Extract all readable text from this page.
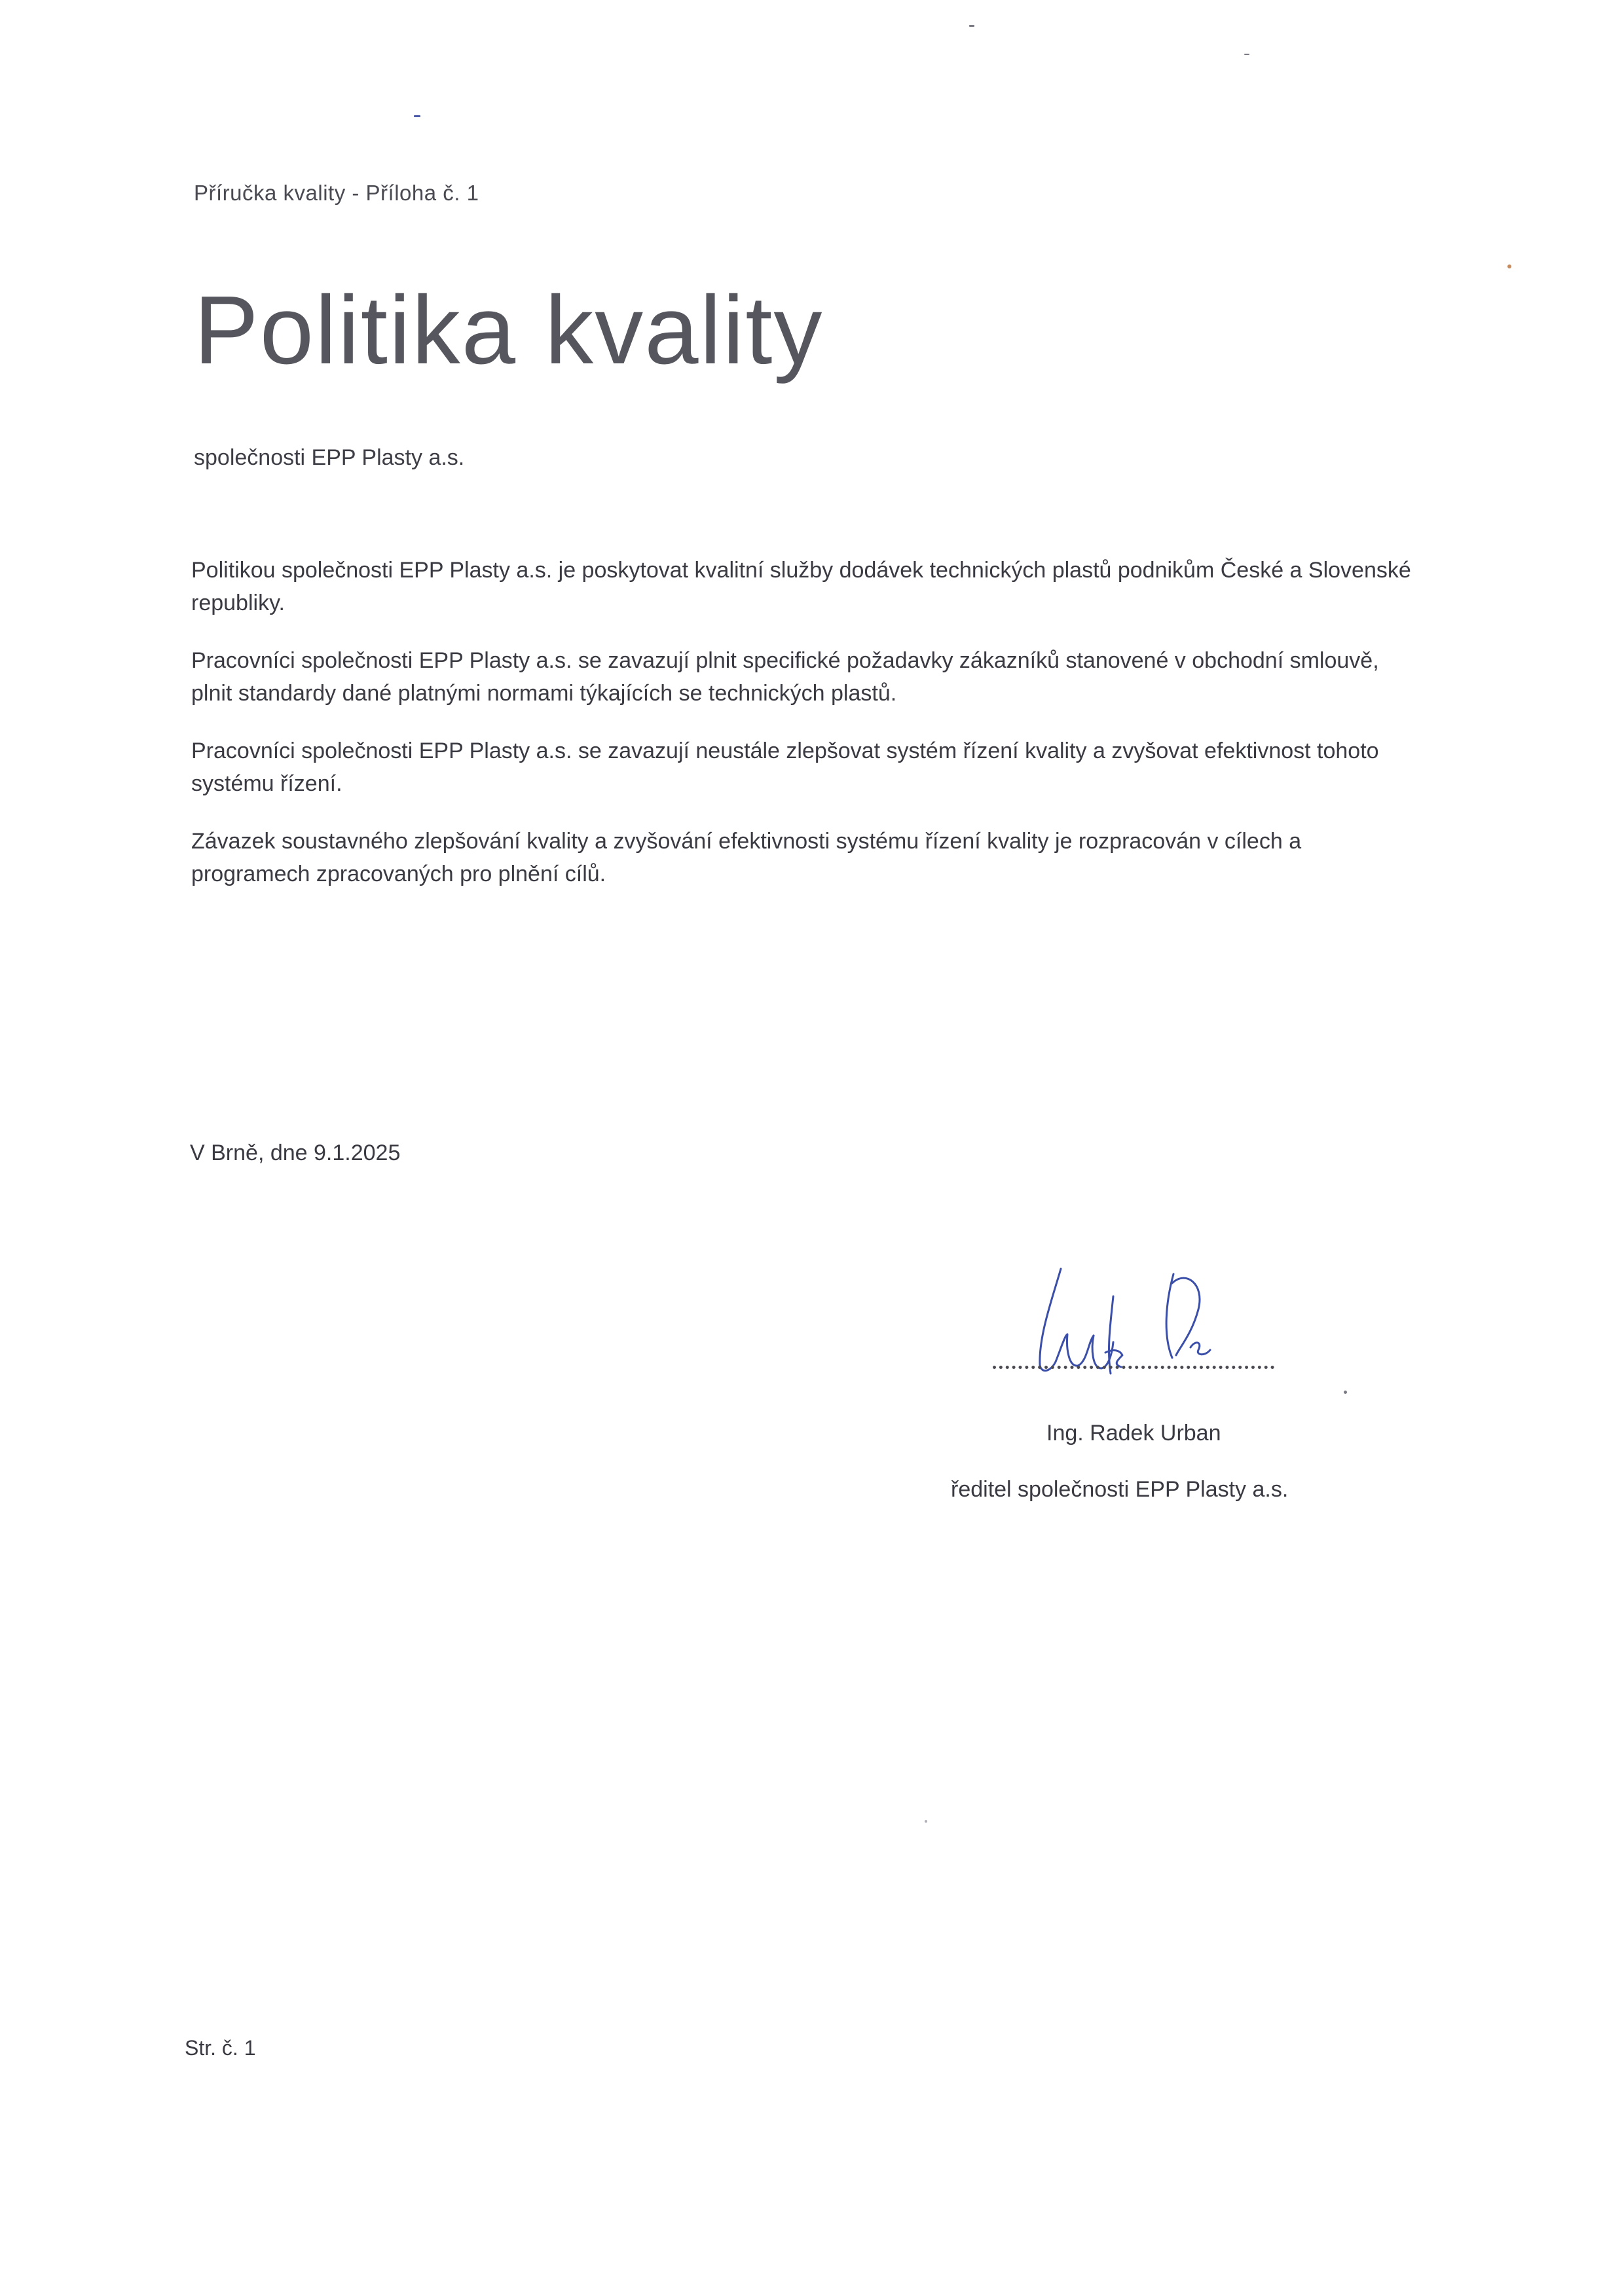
Příručka kvality - Příloha č. 1
Politika kvality
společnosti EPP Plasty a.s.

Politikou společnosti EPP Plasty a.s. je poskytovat kvalitní služby dodávek technických plastů podnikům České a Slovenské republiky.

Pracovníci společnosti EPP Plasty a.s. se zavazují plnit specifické požadavky zákazníků stanovené v obchodní smlouvě, plnit standardy dané platnými normami týkajících se technických plastů.

Pracovníci společnosti EPP Plasty a.s. se zavazují neustále zlepšovat systém řízení kvality a zvyšovat efektivnost tohoto systému řízení.

Závazek soustavného zlepšování kvality a zvyšování efektivnosti systému řízení kvality je rozpracován v cílech a programech zpracovaných pro plnění cílů.

V Brně, dne 9.1.2025
Ing. Radek Urban
ředitel společnosti EPP Plasty a.s.
Str. č. 1
